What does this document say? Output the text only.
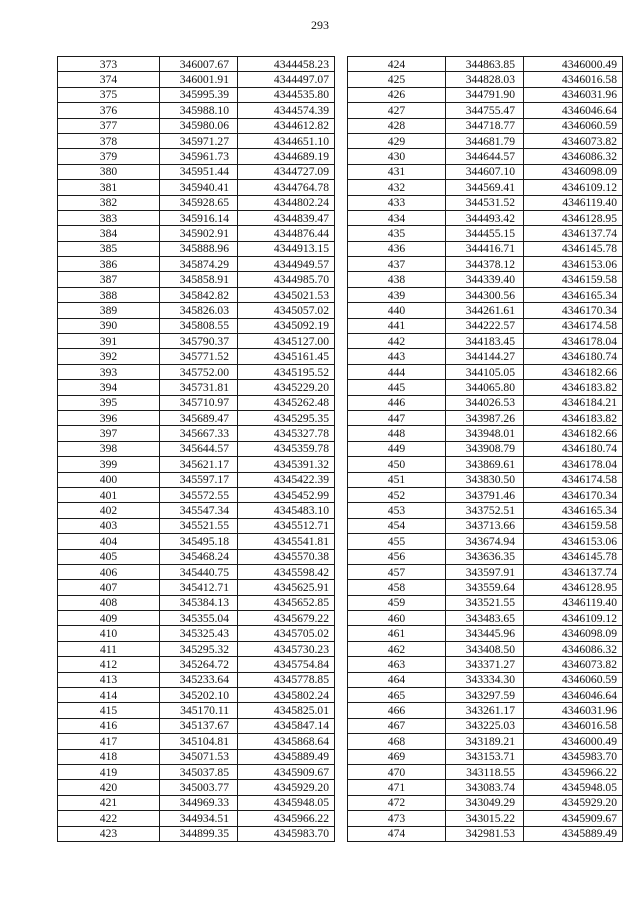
293
373	346007.67	4344458.23
374	346001.91	4344497.07
375	345995.39	4344535.80
376	345988.10	4344574.39
377	345980.06	4344612.82
378	345971.27	4344651.10
379	345961.73	4344689.19
380	345951.44	4344727.09
381	345940.41	4344764.78
382	345928.65	4344802.24
383	345916.14	4344839.47
384	345902.91	4344876.44
385	345888.96	4344913.15
386	345874.29	4344949.57
387	345858.91	4344985.70
388	345842.82	4345021.53
389	345826.03	4345057.02
390	345808.55	4345092.19
391	345790.37	4345127.00
392	345771.52	4345161.45
393	345752.00	4345195.52
394	345731.81	4345229.20
395	345710.97	4345262.48
396	345689.47	4345295.35
397	345667.33	4345327.78
398	345644.57	4345359.78
399	345621.17	4345391.32
400	345597.17	4345422.39
401	345572.55	4345452.99
402	345547.34	4345483.10
403	345521.55	4345512.71
404	345495.18	4345541.81
405	345468.24	4345570.38
406	345440.75	4345598.42
407	345412.71	4345625.91
408	345384.13	4345652.85
409	345355.04	4345679.22
410	345325.43	4345705.02
411	345295.32	4345730.23
412	345264.72	4345754.84
413	345233.64	4345778.85
414	345202.10	4345802.24
415	345170.11	4345825.01
416	345137.67	4345847.14
417	345104.81	4345868.64
418	345071.53	4345889.49
419	345037.85	4345909.67
420	345003.77	4345929.20
421	344969.33	4345948.05
422	344934.51	4345966.22
423	344899.35	4345983.70
424	344863.85	4346000.49
425	344828.03	4346016.58
426	344791.90	4346031.96
427	344755.47	4346046.64
428	344718.77	4346060.59
429	344681.79	4346073.82
430	344644.57	4346086.32
431	344607.10	4346098.09
432	344569.41	4346109.12
433	344531.52	4346119.40
434	344493.42	4346128.95
435	344455.15	4346137.74
436	344416.71	4346145.78
437	344378.12	4346153.06
438	344339.40	4346159.58
439	344300.56	4346165.34
440	344261.61	4346170.34
441	344222.57	4346174.58
442	344183.45	4346178.04
443	344144.27	4346180.74
444	344105.05	4346182.66
445	344065.80	4346183.82
446	344026.53	4346184.21
447	343987.26	4346183.82
448	343948.01	4346182.66
449	343908.79	4346180.74
450	343869.61	4346178.04
451	343830.50	4346174.58
452	343791.46	4346170.34
453	343752.51	4346165.34
454	343713.66	4346159.58
455	343674.94	4346153.06
456	343636.35	4346145.78
457	343597.91	4346137.74
458	343559.64	4346128.95
459	343521.55	4346119.40
460	343483.65	4346109.12
461	343445.96	4346098.09
462	343408.50	4346086.32
463	343371.27	4346073.82
464	343334.30	4346060.59
465	343297.59	4346046.64
466	343261.17	4346031.96
467	343225.03	4346016.58
468	343189.21	4346000.49
469	343153.71	4345983.70
470	343118.55	4345966.22
471	343083.74	4345948.05
472	343049.29	4345929.20
473	343015.22	4345909.67
474	342981.53	4345889.49
